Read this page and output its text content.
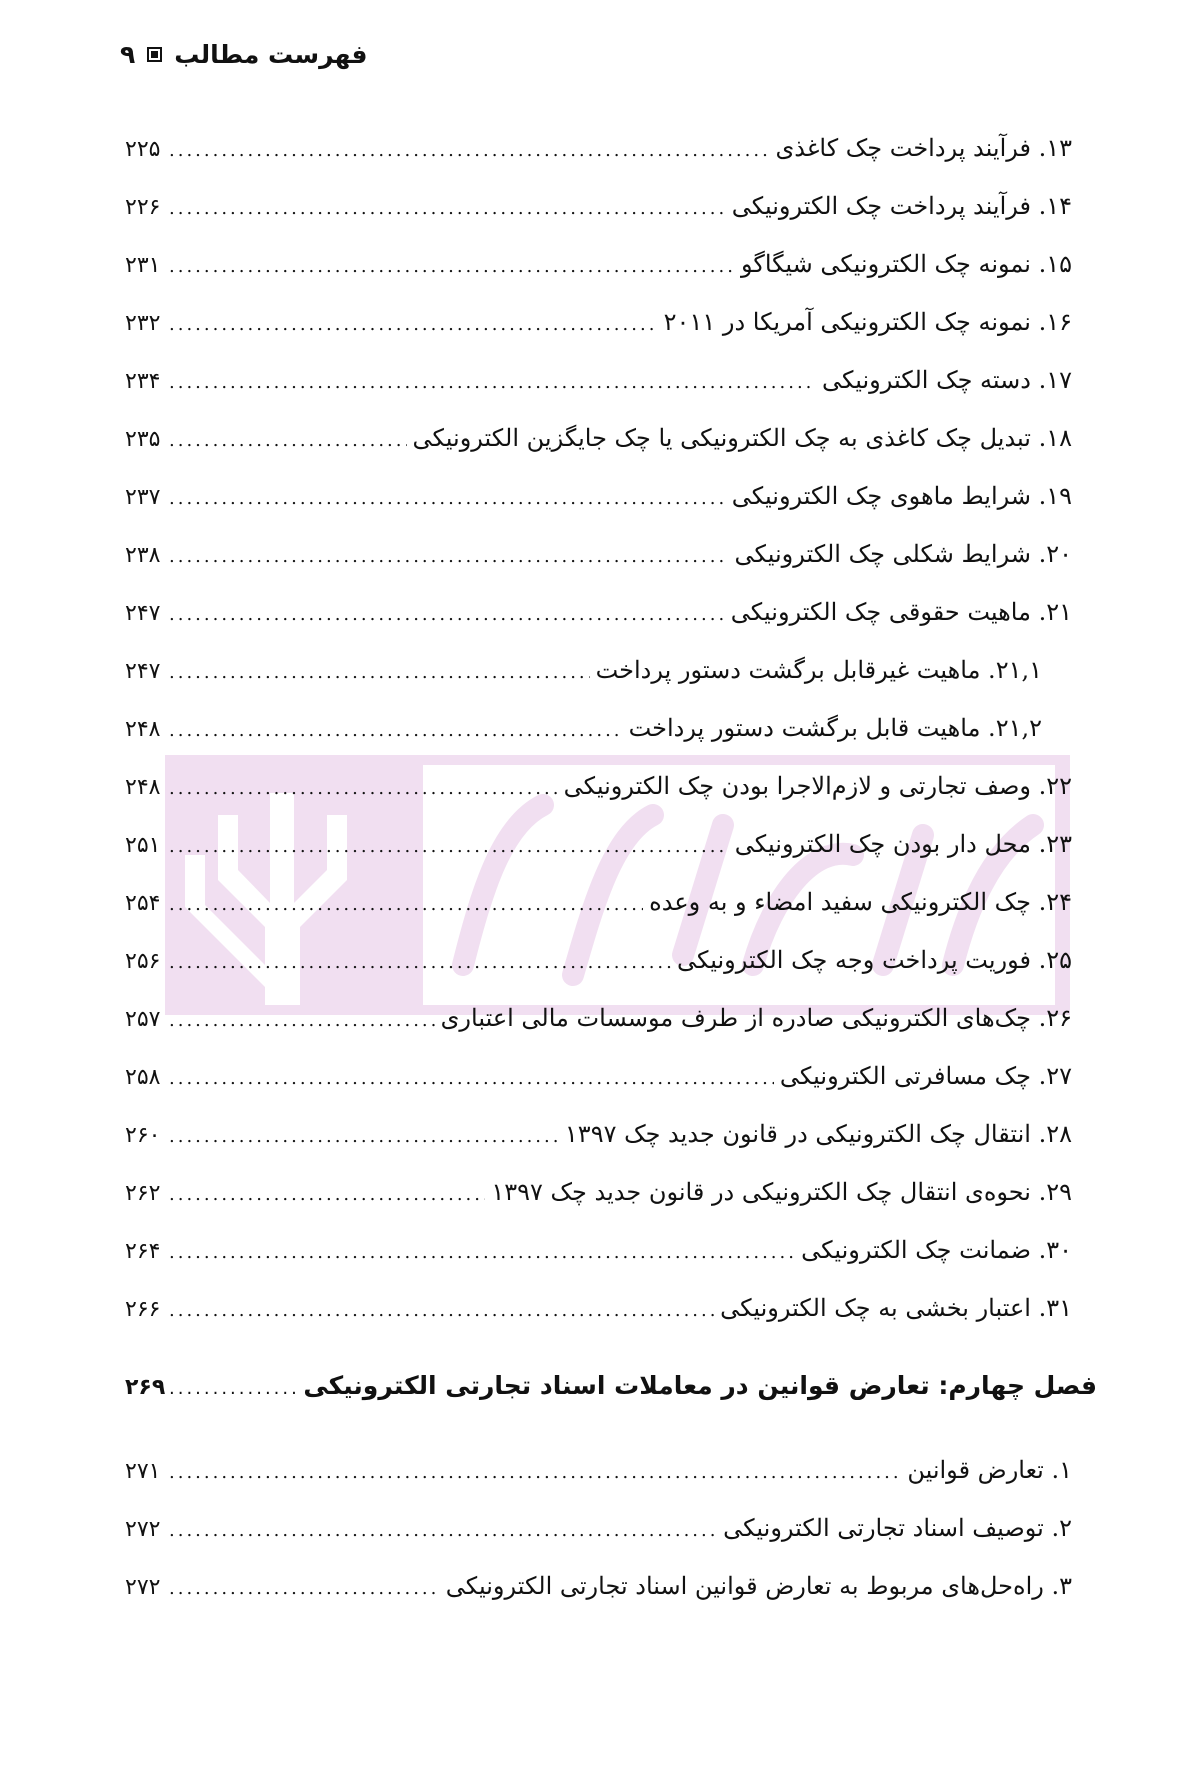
فهرست مطالب
۹
۱۳. فرآیند پرداخت چک کاغذی
.....
۲۲۵
۱۴. فرآیند پرداخت چک الکترونیکی
.....
۲۲۶
۱۵. نمونه چک الکترونیکی شیگاگو
.....
۲۳۱
۱۶. نمونه چک الکترونیکی آمریکا در ۲۰۱۱
.....
۲۳۲
۱۷. دسته چک الکترونیکی
.....
۲۳۴
۱۸. تبدیل چک کاغذی به چک الکترونیکی یا چک جایگزین الکترونیکی
.....
۲۳۵
۱۹. شرایط ماهوی چک الکترونیکی
.....
۲۳۷
۲۰. شرایط شکلی چک الکترونیکی
.....
۲۳۸
۲۱. ماهیت حقوقی چک الکترونیکی
.....
۲۴۷
۲۱,۱. ماهیت غیرقابل برگشت دستور پرداخت
.....
۲۴۷
۲۱,۲. ماهیت قابل برگشت دستور پرداخت
.....
۲۴۸
۲۲. وصف تجارتی و لازم‌الاجرا بودن چک الکترونیکی
.....
۲۴۸
۲۳. محل دار بودن چک الکترونیکی
.....
۲۵۱
۲۴. چک الکترونیکی سفید امضاء و به وعده
.....
۲۵۴
۲۵. فوریت پرداخت وجه چک الکترونیکی
.....
۲۵۶
۲۶. چک‌های الکترونیکی صادره از طرف موسسات مالی اعتباری
.....
۲۵۷
۲۷. چک مسافرتی الکترونیکی
.....
۲۵۸
۲۸. انتقال چک الکترونیکی در قانون جدید چک ۱۳۹۷
.....
۲۶۰
۲۹. نحوه‌ی انتقال چک الکترونیکی در قانون جدید چک ۱۳۹۷
.....
۲۶۲
۳۰. ضمانت چک الکترونیکی
.....
۲۶۴
۳۱. اعتبار بخشی به چک الکترونیکی
.....
۲۶۶
فصل چهارم: تعارض قوانین در معاملات اسناد تجارتی الکترونیکی
.....
۲۶۹
۱. تعارض قوانین
.....
۲۷۱
۲. توصیف اسناد تجارتی الکترونیکی
.....
۲۷۲
۳. راه‌حل‌های مربوط به تعارض قوانین اسناد تجارتی الکترونیکی
.....
۲۷۲
